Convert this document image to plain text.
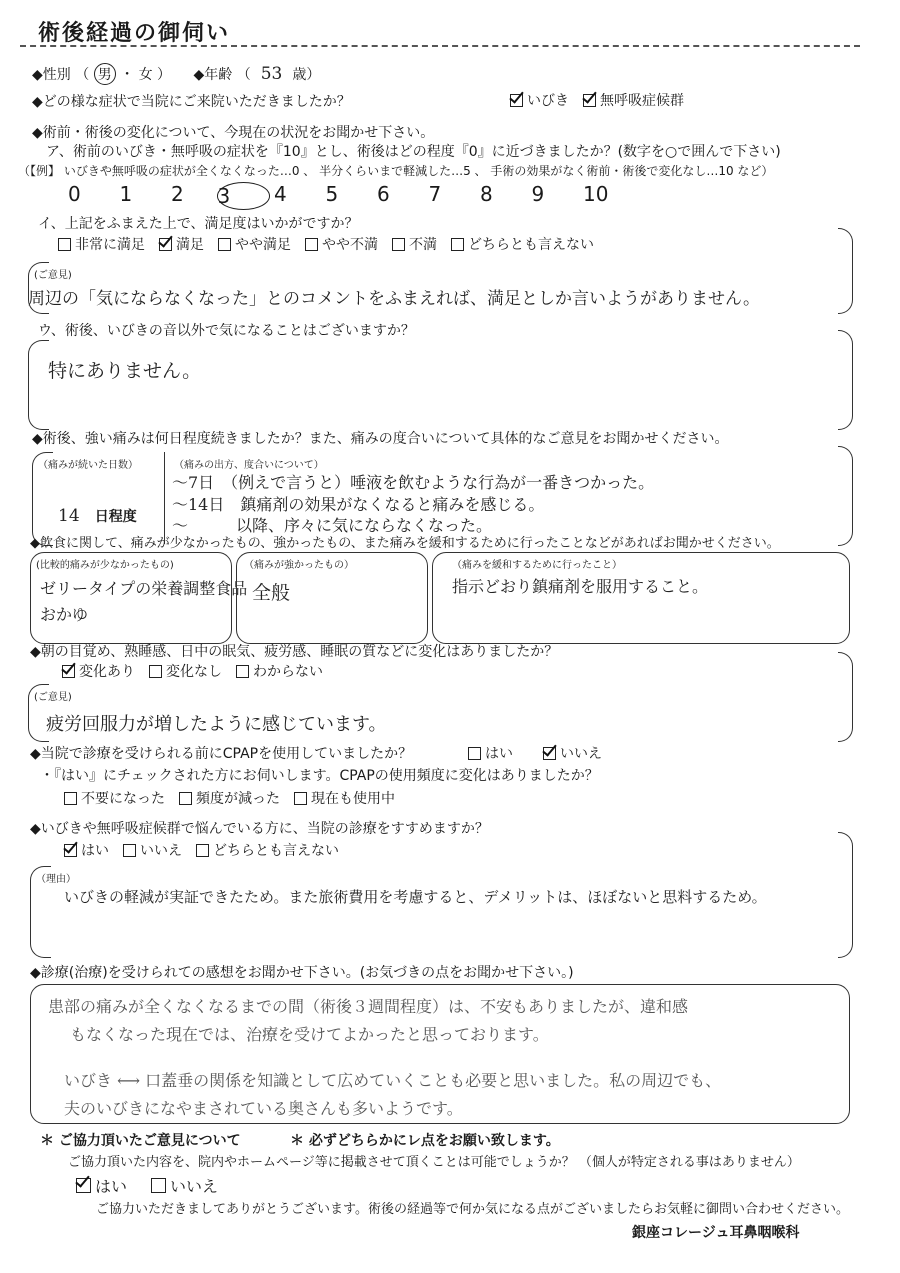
術後経過の御伺い
◆性別 （ 男 ・ 女 ） ◆年齢 （ 53 歳）
◆どの様な症状で当院にご来院いただきましたか？	いびき 無呼吸症候群
◆術前・術後の変化について、今現在の状況をお聞かせ下さい。
ア、術前のいびき・無呼吸の症状を『10』とし、術後はどの程度『0』に近づきましたか？(数字を○で囲んで下さい)
（【例】 いびきや無呼吸の症状が全くなくなった…0 、 半分くらいまで軽減した…5 、 手術の効果がなく術前・術後で変化なし…10 など）
0	1	2	3	4	5	6	7	8	9	10
イ、上記をふまえた上で、満足度はいかがですか？
非常に満足 満足 やや満足 やや不満 不満 どちらとも言えない
(ご意見)
周辺の「気にならなくなった」とのコメントをふまえれば、満足としか言いようがありません。
ウ、術後、いびきの音以外で気になることはございますか？
特にありません。
◆術後、強い痛みは何日程度続きましたか？また、痛みの度合いについて具体的なご意見をお聞かせください。
（痛みが続いた日数）
14 日程度
（痛みの出方、度合いについて）
～7日　（例えで言うと）唾液を飲むような行為が一番きつかった。
～14日　鎮痛剤の効果がなくなると痛みを感じる。
～　　　以降、序々に気にならなくなった。
◆飲食に関して、痛みが少なかったもの、強かったもの、また痛みを緩和するために行ったことなどがあればお聞かせください。
(比較的痛みが少なかったもの)
ゼリータイプの栄養調整食品
おかゆ
（痛みが強かったもの）
全般
（痛みを緩和するために行ったこと）
指示どおり鎮痛剤を服用すること。
◆朝の目覚め、熟睡感、日中の眠気、疲労感、睡眠の質などに変化はありましたか？
変化あり 変化なし わからない
(ご意見)
疲労回服力が増したように感じています。
◆当院で診療を受けられる前にCPAPを使用していましたか？	はい	いいえ
・『はい』にチェックされた方にお伺いします。CPAPの使用頻度に変化はありましたか？
不要になった 頻度が減った 現在も使用中
◆いびきや無呼吸症候群で悩んでいる方に、当院の診療をすすめますか？
はい いいえ どちらとも言えない
（理由）
いびきの軽減が実証できたため。また旅術費用を考慮すると、デメリットは、ほぼないと思料するため。
◆診療(治療)を受けられての感想をお聞かせ下さい。(お気づきの点をお聞かせ下さい。)
患部の痛みが全くなくなるまでの間（術後３週間程度）は、不安もありましたが、違和感
もなくなった現在では、治療を受けてよかったと思っております。
いびき ⟷ 口蓋垂の関係を知識として広めていくことも必要と思いました。私の周辺でも、
夫のいびきになやまされている奥さんも多いようです。
＊ ご協力頂いたご意見について	＊ 必ずどちらかにレ点をお願い致します。
ご協力頂いた内容を、院内やホームページ等に掲載させて頂くことは可能でしょうか？ （個人が特定される事はありません）
はい	いいえ
ご協力いただきましてありがとうございます。術後の経過等で何か気になる点がございましたらお気軽に御問い合わせください。
銀座コレージュ耳鼻咽喉科
